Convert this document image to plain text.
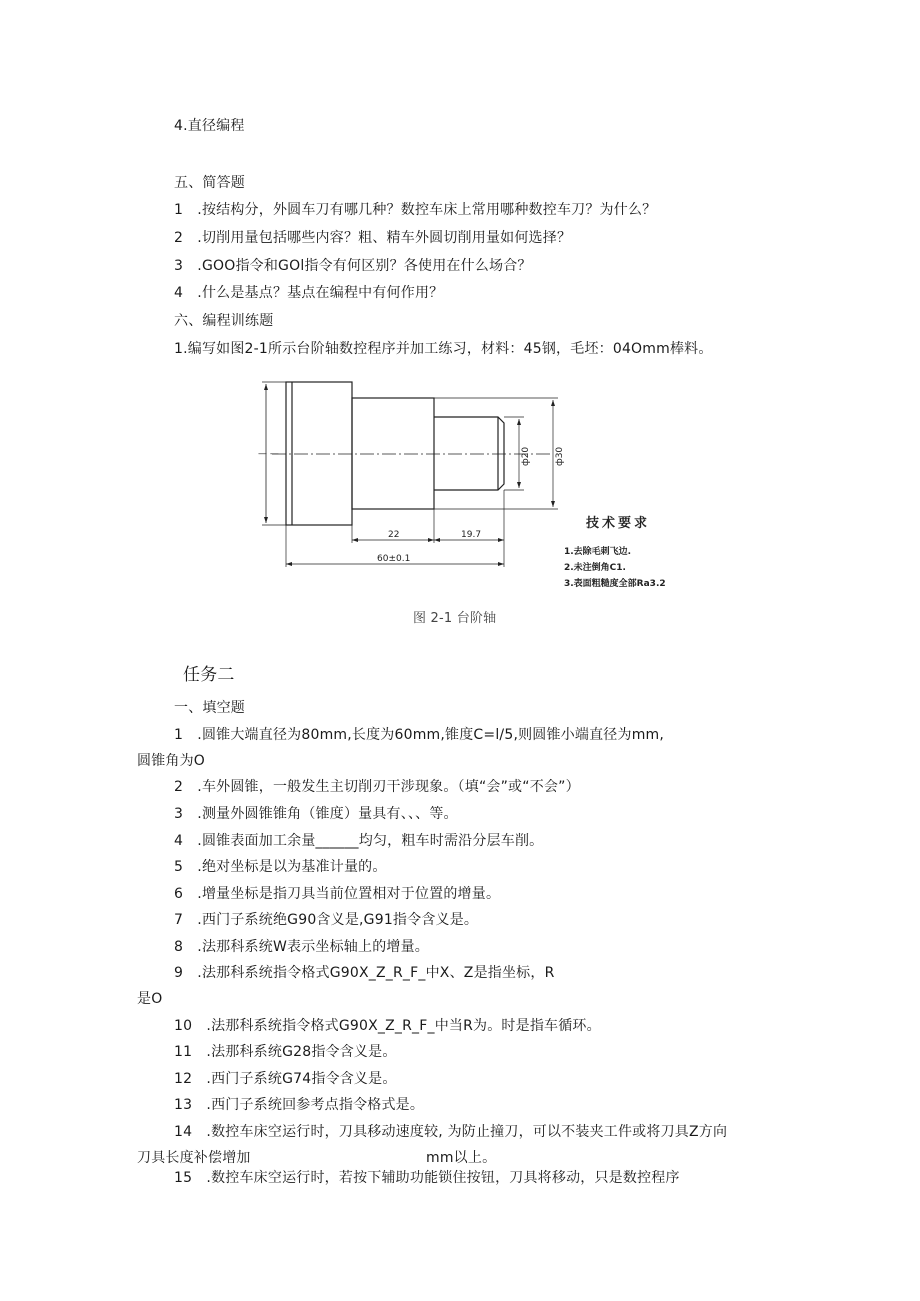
4.直径编程
五、简答题
1　.按结构分，外圆车刀有哪几种？数控车床上常用哪种数控车刀？为什么？
2　.切削用量包括哪些内容？粗、精车外圆切削用量如何选择？
3　.GOO指令和GOl指令有何区别？各使用在什么场合？
4　.什么是基点？基点在编程中有何作用？
六、编程训练题
1.编写如图2-1所示台阶轴数控程序并加工练习，材料：45钢，毛坯：04Omm棒料。
— —
22	19.7
60±0.1
ф20	ф30
技术要求
1.去除毛刺飞边.
2.未注倒角C1.
3.表面粗糙度全部Ra3.2
图 2-1 台阶轴
任务二
一、填空题
1　.圆锥大端直径为80mm,长度为60mm,锥度C=l/5,则圆锥小端直径为mm,
圆锥角为O
2　.车外圆锥，一般发生主切削刃干涉现象。（填“会”或“不会”）
3　.测量外圆锥锥角（锥度）量具有、、、等。
4　.圆锥表面加工余量______均匀，粗车时需沿分层车削。
5　.绝对坐标是以为基准计量的。
6　.增量坐标是指刀具当前位置相对于位置的增量。
7　.西门子系统绝G90含义是,G91指令含义是。
8　.法那科系统W表示坐标轴上的增量。
9　.法那科系统指令格式G90X_Z_R_F_中X、Z是指坐标，R
是O
10　.法那科系统指令格式G90X_Z_R_F_中当R为。时是指车循环。
11　.法那科系统G28指令含义是。
12　.西门子系统G74指令含义是。
13　.西门子系统回参考点指令格式是。
14　.数控车床空运行时，刀具移动速度较, 为防止撞刀，可以不装夹工件或将刀具Z方向
刀具长度补偿增加	mm以上。
15　.数控车床空运行时，若按下辅助功能锁住按钮，刀具将移动，只是数控程序
